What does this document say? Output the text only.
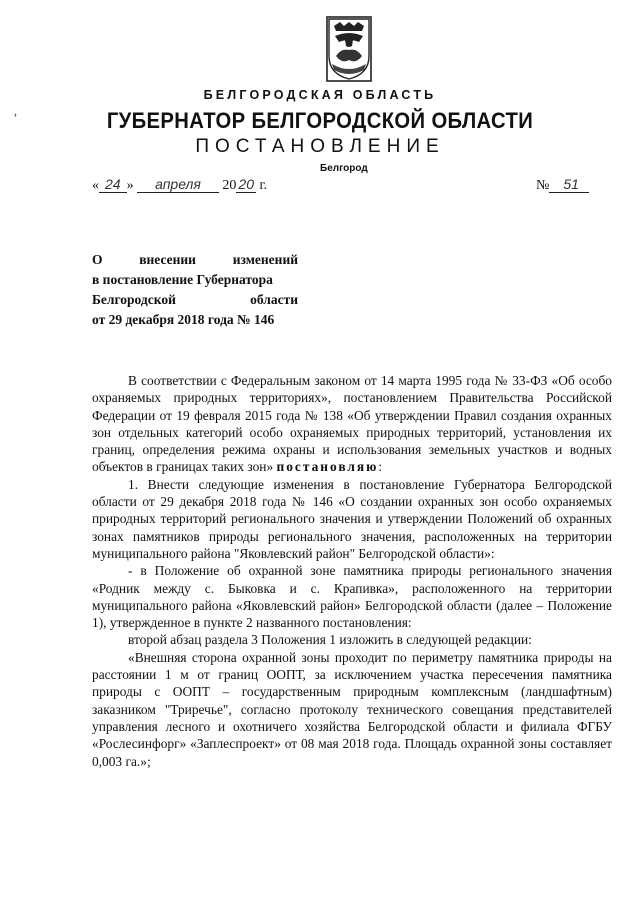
,
БЕЛГОРОДСКАЯ ОБЛАСТЬ
ГУБЕРНАТОР БЕЛГОРОДСКОЙ ОБЛАСТИ
ПОСТАНОВЛЕНИЕ
Белгород
« 24 » апреля 20 20 г.	№ 51
О внесении изменений
в постановление Губернатора
Белгородской области
от 29 декабря 2018 года № 146

В соответствии с Федеральным законом от 14 марта 1995 года № 33-ФЗ «Об особо охраняемых природных территориях», постановлением Правительства Российской Федерации от 19 февраля 2015 года № 138 «Об утверждении Правил создания охранных зон отдельных категорий особо охраняемых природных территорий, установления их границ, определения режима охраны и использования земельных участков и водных объектов в границах таких зон» постановляю:

1. Внести следующие изменения в постановление Губернатора Белгородской области от 29 декабря 2018 года № 146 «О создании охранных зон особо охраняемых природных территорий регионального значения и утверждении Положений об охранных зонах памятников природы регионального значения, расположенных на территории муниципального района "Яковлевский район" Белгородской области»:

- в Положение об охранной зоне памятника природы регионального значения «Родник между с. Быковка и с. Крапивка», расположенного на территории муниципального района «Яковлевский район» Белгородской области (далее – Положение 1), утвержденное в пункте 2 названного постановления:

второй абзац раздела 3 Положения 1 изложить в следующей редакции:

«Внешняя сторона охранной зоны проходит по периметру памятника природы на расстоянии 1 м от границ ООПТ, за исключением участка пересечения памятника природы с ООПТ – государственным природным комплексным (ландшафтным) заказником "Триречье", согласно протоколу технического совещания представителей управления лесного и охотничего хозяйства Белгородской области и филиала ФГБУ «Рослесинфорг» «Заплеспроект» от 08 мая 2018 года. Площадь охранной зоны составляет 0,003 га.»;
